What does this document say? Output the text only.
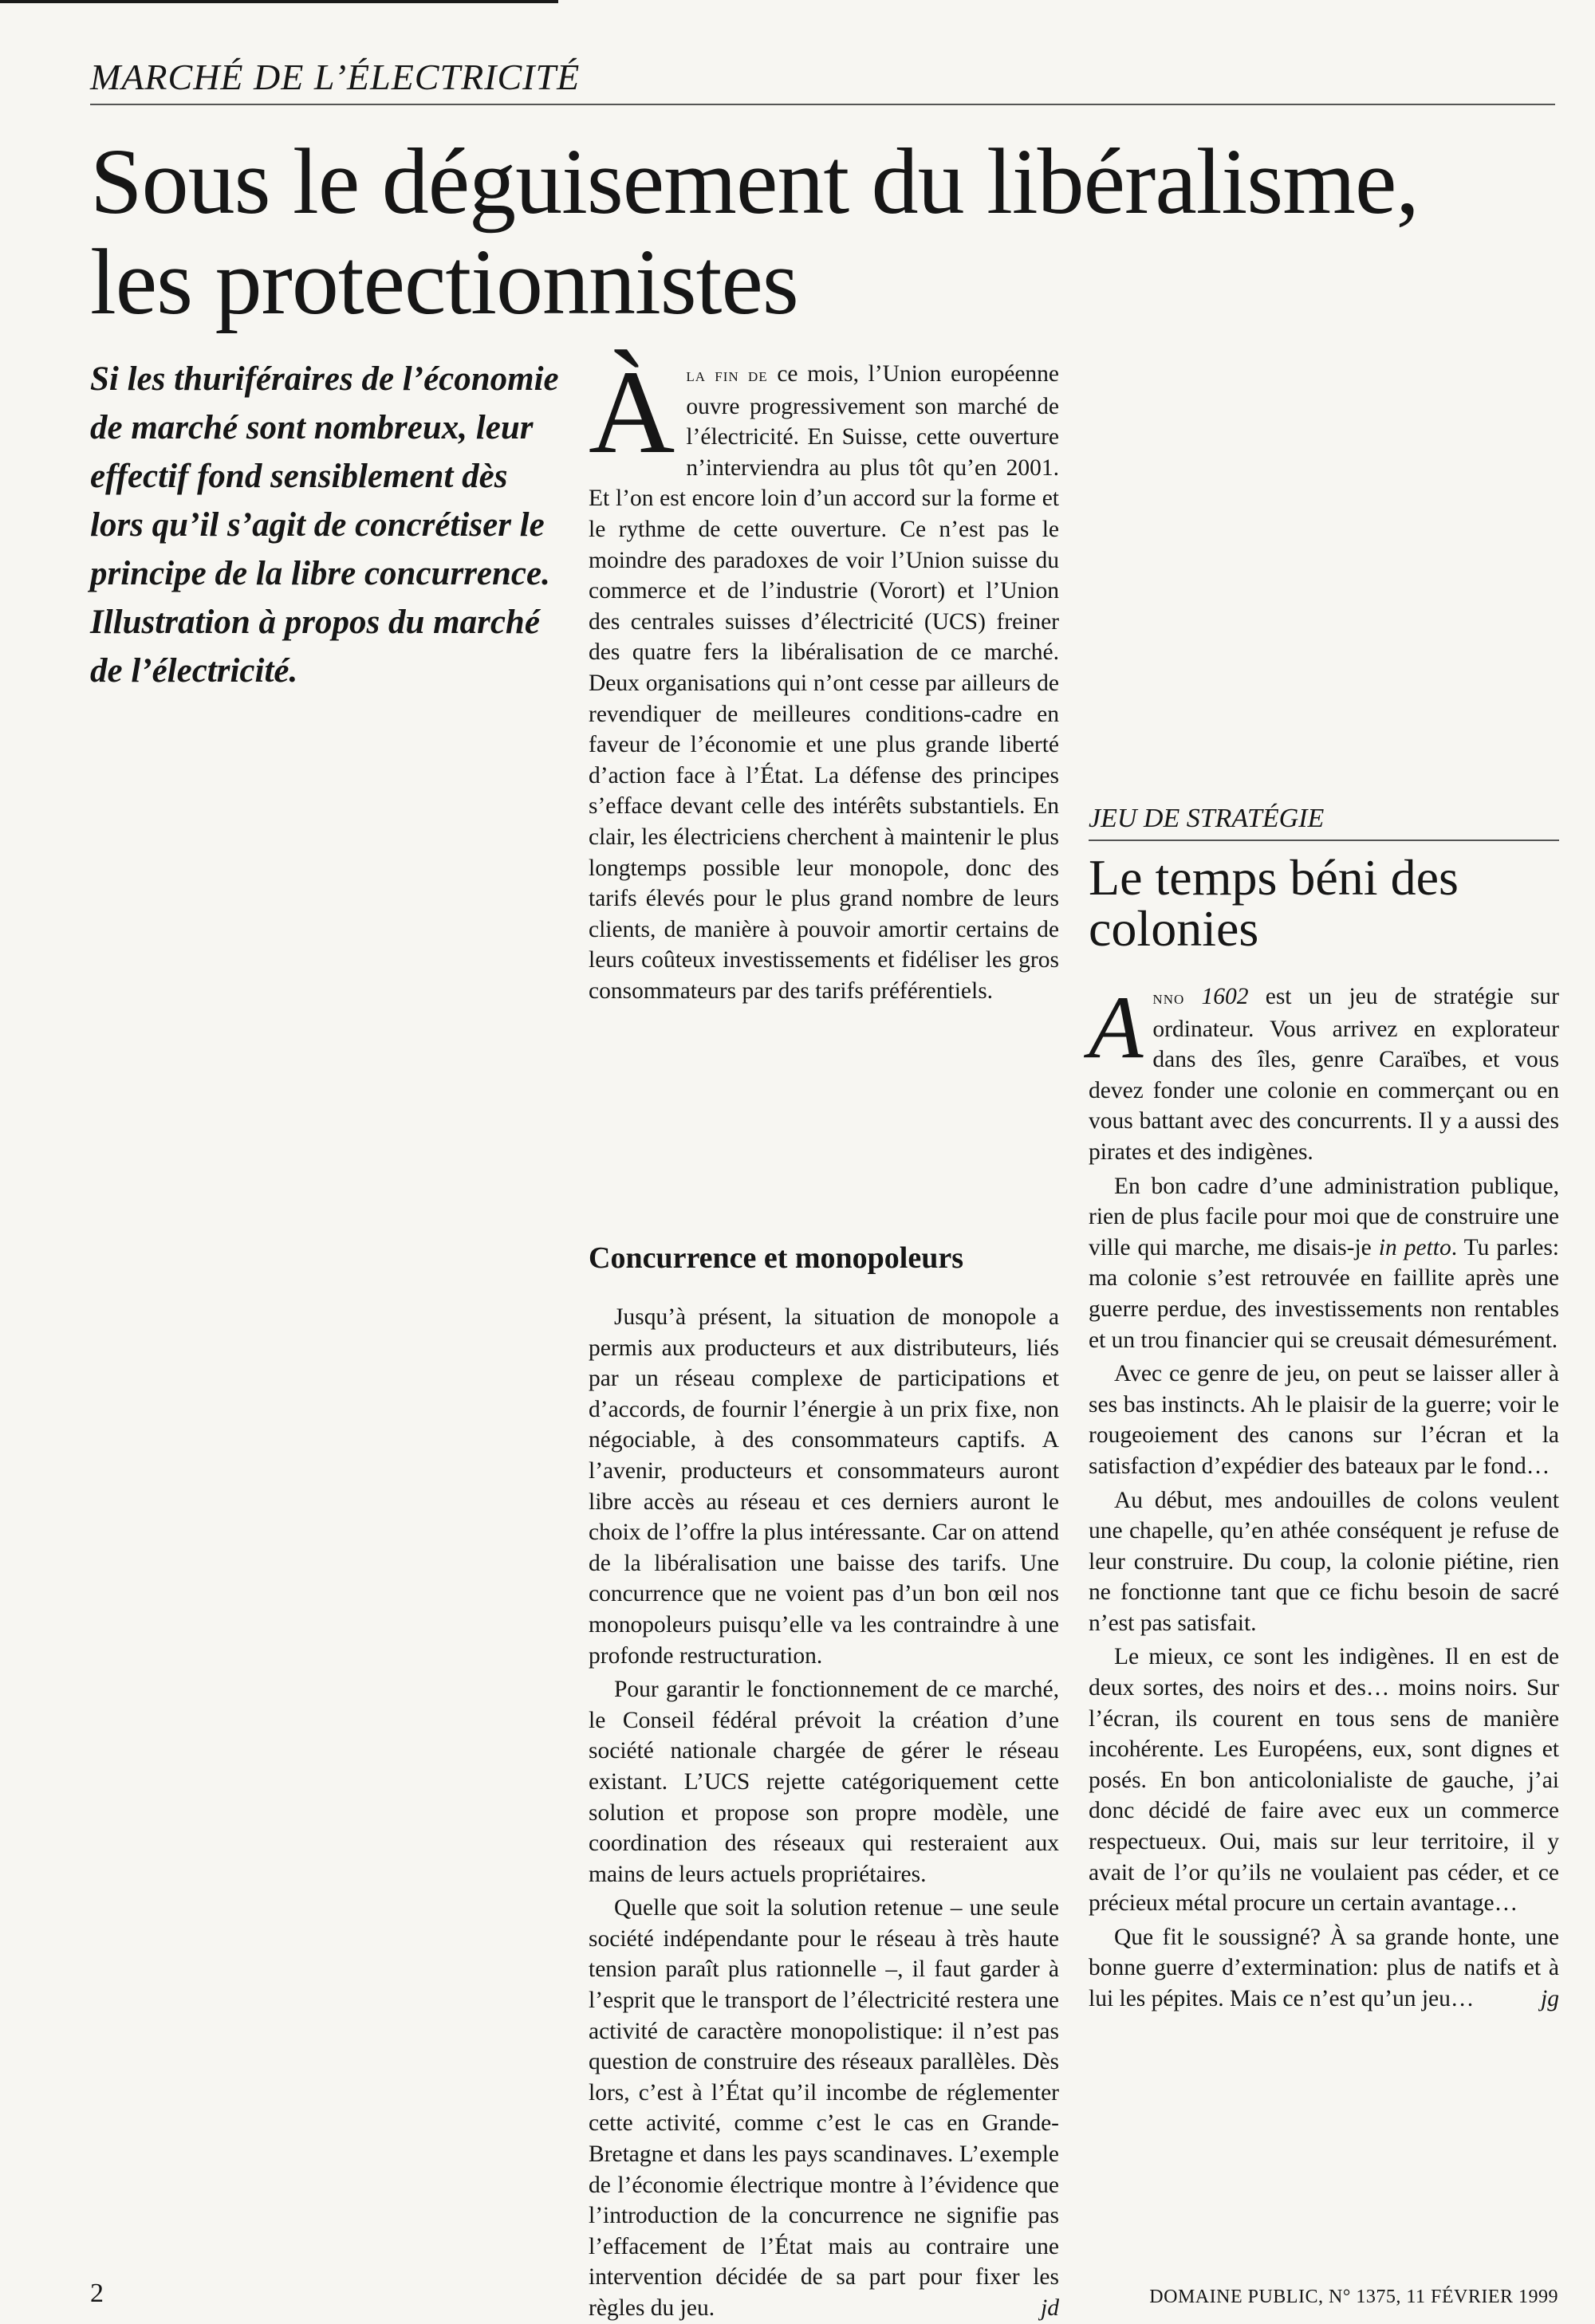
MARCHÉ DE L’ÉLECTRICITÉ
Sous le déguisement du libéralisme,
les protectionnistes
Si les thuriféraires de l’économie de marché sont nombreux, leur effectif fond sensiblement dès lors qu’il s’agit de concrétiser le principe de la libre concurrence. Illustration à propos du marché de l’électricité.

Àla fin de ce mois, l’Union européenne ouvre progressivement son marché de l’électricité. En Suisse, cette ouverture n’interviendra au plus tôt qu’en 2001. Et l’on est encore loin d’un accord sur la forme et le rythme de cette ouverture. Ce n’est pas le moindre des paradoxes de voir l’Union suisse du commerce et de l’industrie (Vorort) et l’Union des centrales suisses d’électricité (UCS) freiner des quatre fers la libéralisation de ce marché. Deux organisations qui n’ont cesse par ailleurs de revendiquer de meilleures conditions-cadre en faveur de l’économie et une plus grande liberté d’action face à l’État. La défense des principes s’efface devant celle des intérêts substantiels. En clair, les électriciens cherchent à maintenir le plus longtemps possible leur monopole, donc des tarifs élevés pour le plus grand nombre de leurs clients, de manière à pouvoir amortir certains de leurs coûteux investissements et fidéliser les gros consommateurs par des tarifs préférentiels.

Concurrence et monopoleurs

Jusqu’à présent, la situation de monopole a permis aux producteurs et aux distributeurs, liés par un réseau complexe de participations et d’accords, de fournir l’énergie à un prix fixe, non négociable, à des consommateurs captifs. A l’avenir, producteurs et consommateurs auront libre accès au réseau et ces derniers auront le choix de l’offre la plus intéressante. Car on attend de la libéralisation une baisse des tarifs. Une concurrence que ne voient pas d’un bon œil nos monopoleurs puisqu’elle va les contraindre à une profonde restructuration.

Pour garantir le fonctionnement de ce marché, le Conseil fédéral prévoit la création d’une société nationale chargée de gérer le réseau existant. L’UCS rejette catégoriquement cette solution et propose son propre modèle, une coordination des réseaux qui resteraient aux mains de leurs actuels propriétaires.

Quelle que soit la solution retenue – une seule société indépendante pour le réseau à très haute tension paraît plus rationnelle –, il faut garder à l’esprit que le transport de l’électricité restera une activité de caractère monopolistique: il n’est pas question de construire des réseaux parallèles. Dès lors, c’est à l’État qu’il incombe de réglementer cette activité, comme c’est le cas en Grande-Bretagne et dans les pays scandinaves. L’exemple de l’économie électrique montre à l’évidence que l’introduction de la concurrence ne signifie pas l’effacement de l’État mais au contraire une intervention décidée de sa part pour fixer les règles du jeu.	jd

JEU DE STRATÉGIE
Le temps béni des colonies

Anno 1602 est un jeu de stratégie sur ordinateur. Vous arrivez en explorateur dans des îles, genre Caraïbes, et vous devez fonder une colonie en commerçant ou en vous battant avec des concurrents. Il y a aussi des pirates et des indigènes.

En bon cadre d’une administration publique, rien de plus facile pour moi que de construire une ville qui marche, me disais-je in petto. Tu parles: ma colonie s’est retrouvée en faillite après une guerre perdue, des investissements non rentables et un trou financier qui se creusait démesurément.

Avec ce genre de jeu, on peut se laisser aller à ses bas instincts. Ah le plaisir de la guerre; voir le rougeoiement des canons sur l’écran et la satisfaction d’expédier des bateaux par le fond…

Au début, mes andouilles de colons veulent une chapelle, qu’en athée conséquent je refuse de leur construire. Du coup, la colonie piétine, rien ne fonctionne tant que ce fichu besoin de sacré n’est pas satisfait.

Le mieux, ce sont les indigènes. Il en est de deux sortes, des noirs et des… moins noirs. Sur l’écran, ils courent en tous sens de manière incohérente. Les Européens, eux, sont dignes et posés. En bon anticolonialiste de gauche, j’ai donc décidé de faire avec eux un commerce respectueux. Oui, mais sur leur territoire, il y avait de l’or qu’ils ne voulaient pas céder, et ce précieux métal procure un certain avantage…

Que fit le soussigné? À sa grande honte, une bonne guerre d’extermination: plus de natifs et à lui les pépites. Mais ce n’est qu’un jeu…	jg

2	DOMAINE PUBLIC, N° 1375, 11 FÉVRIER 1999
